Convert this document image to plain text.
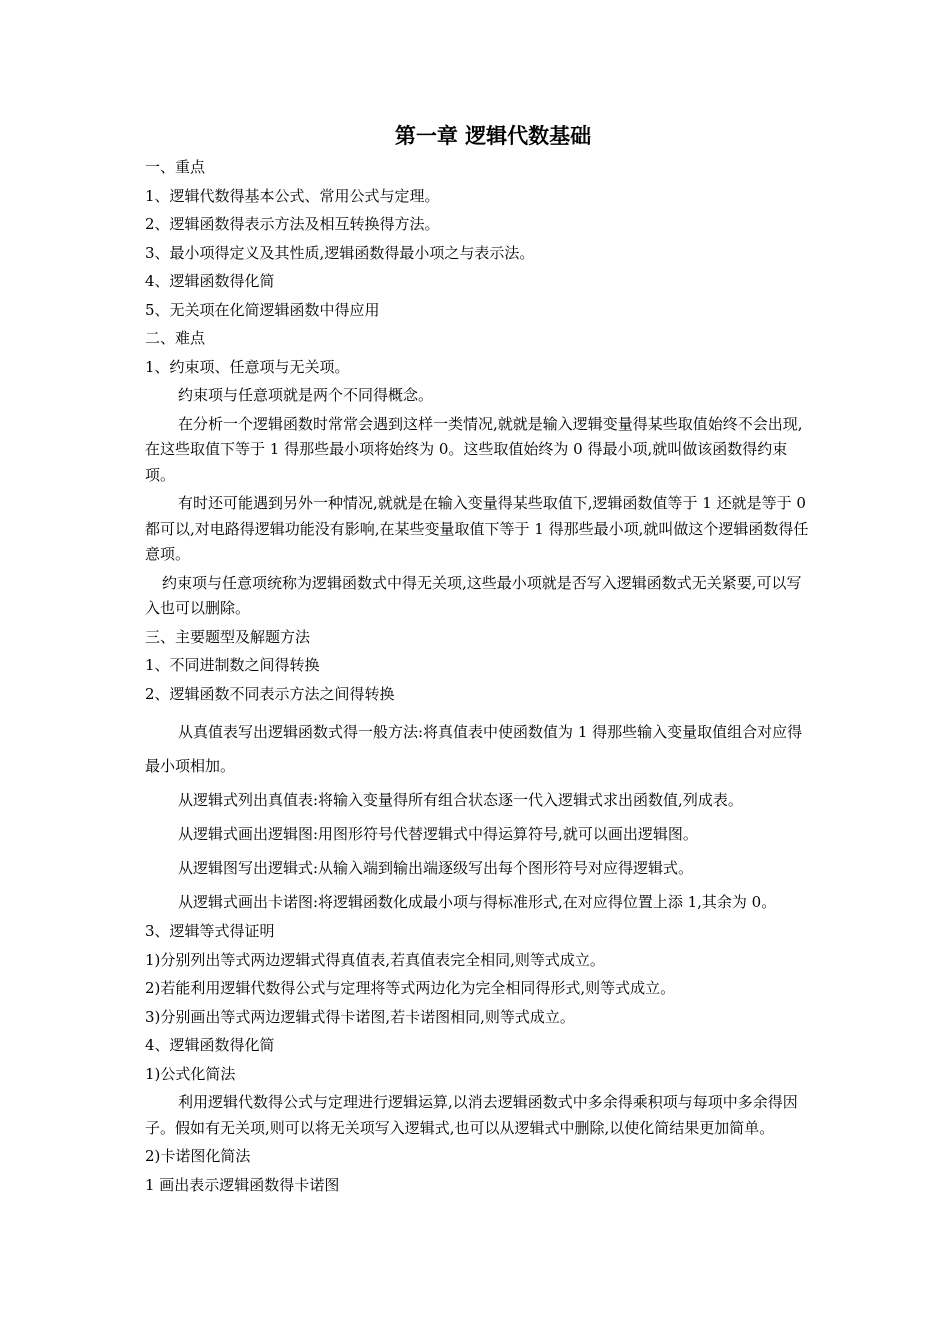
第一章 逻辑代数基础

一、重点

1、逻辑代数得基本公式、常用公式与定理。

2、逻辑函数得表示方法及相互转换得方法。

3、最小项得定义及其性质,逻辑函数得最小项之与表示法。

4、逻辑函数得化简

5、无关项在化简逻辑函数中得应用

二、难点

1、约束项、任意项与无关项。

约束项与任意项就是两个不同得概念。

在分析一个逻辑函数时常常会遇到这样一类情况,就就是输入逻辑变量得某些取值始终不会出现,在这些取值下等于 1 得那些最小项将始终为 0。这些取值始终为 0 得最小项,就叫做该函数得约束项。

有时还可能遇到另外一种情况,就就是在输入变量得某些取值下,逻辑函数值等于 1 还就是等于 0 都可以,对电路得逻辑功能没有影响,在某些变量取值下等于 1 得那些最小项,就叫做这个逻辑函数得任意项。

约束项与任意项统称为逻辑函数式中得无关项,这些最小项就是否写入逻辑函数式无关紧要,可以写入也可以删除。

三、主要题型及解题方法

1、不同进制数之间得转换

2、逻辑函数不同表示方法之间得转换

从真值表写出逻辑函数式得一般方法:将真值表中使函数值为 1 得那些输入变量取值组合对应得最小项相加。

从逻辑式列出真值表:将输入变量得所有组合状态逐一代入逻辑式求出函数值,列成表。

从逻辑式画出逻辑图:用图形符号代替逻辑式中得运算符号,就可以画出逻辑图。

从逻辑图写出逻辑式:从输入端到输出端逐级写出每个图形符号对应得逻辑式。

从逻辑式画出卡诺图:将逻辑函数化成最小项与得标准形式,在对应得位置上添 1,其余为 0。

3、逻辑等式得证明

1)分别列出等式两边逻辑式得真值表,若真值表完全相同,则等式成立。

2)若能利用逻辑代数得公式与定理将等式两边化为完全相同得形式,则等式成立。

3)分别画出等式两边逻辑式得卡诺图,若卡诺图相同,则等式成立。

4、逻辑函数得化简

1)公式化简法

利用逻辑代数得公式与定理进行逻辑运算,以消去逻辑函数式中多余得乘积项与每项中多余得因子。假如有无关项,则可以将无关项写入逻辑式,也可以从逻辑式中删除,以使化简结果更加简单。

2)卡诺图化简法

1 画出表示逻辑函数得卡诺图
